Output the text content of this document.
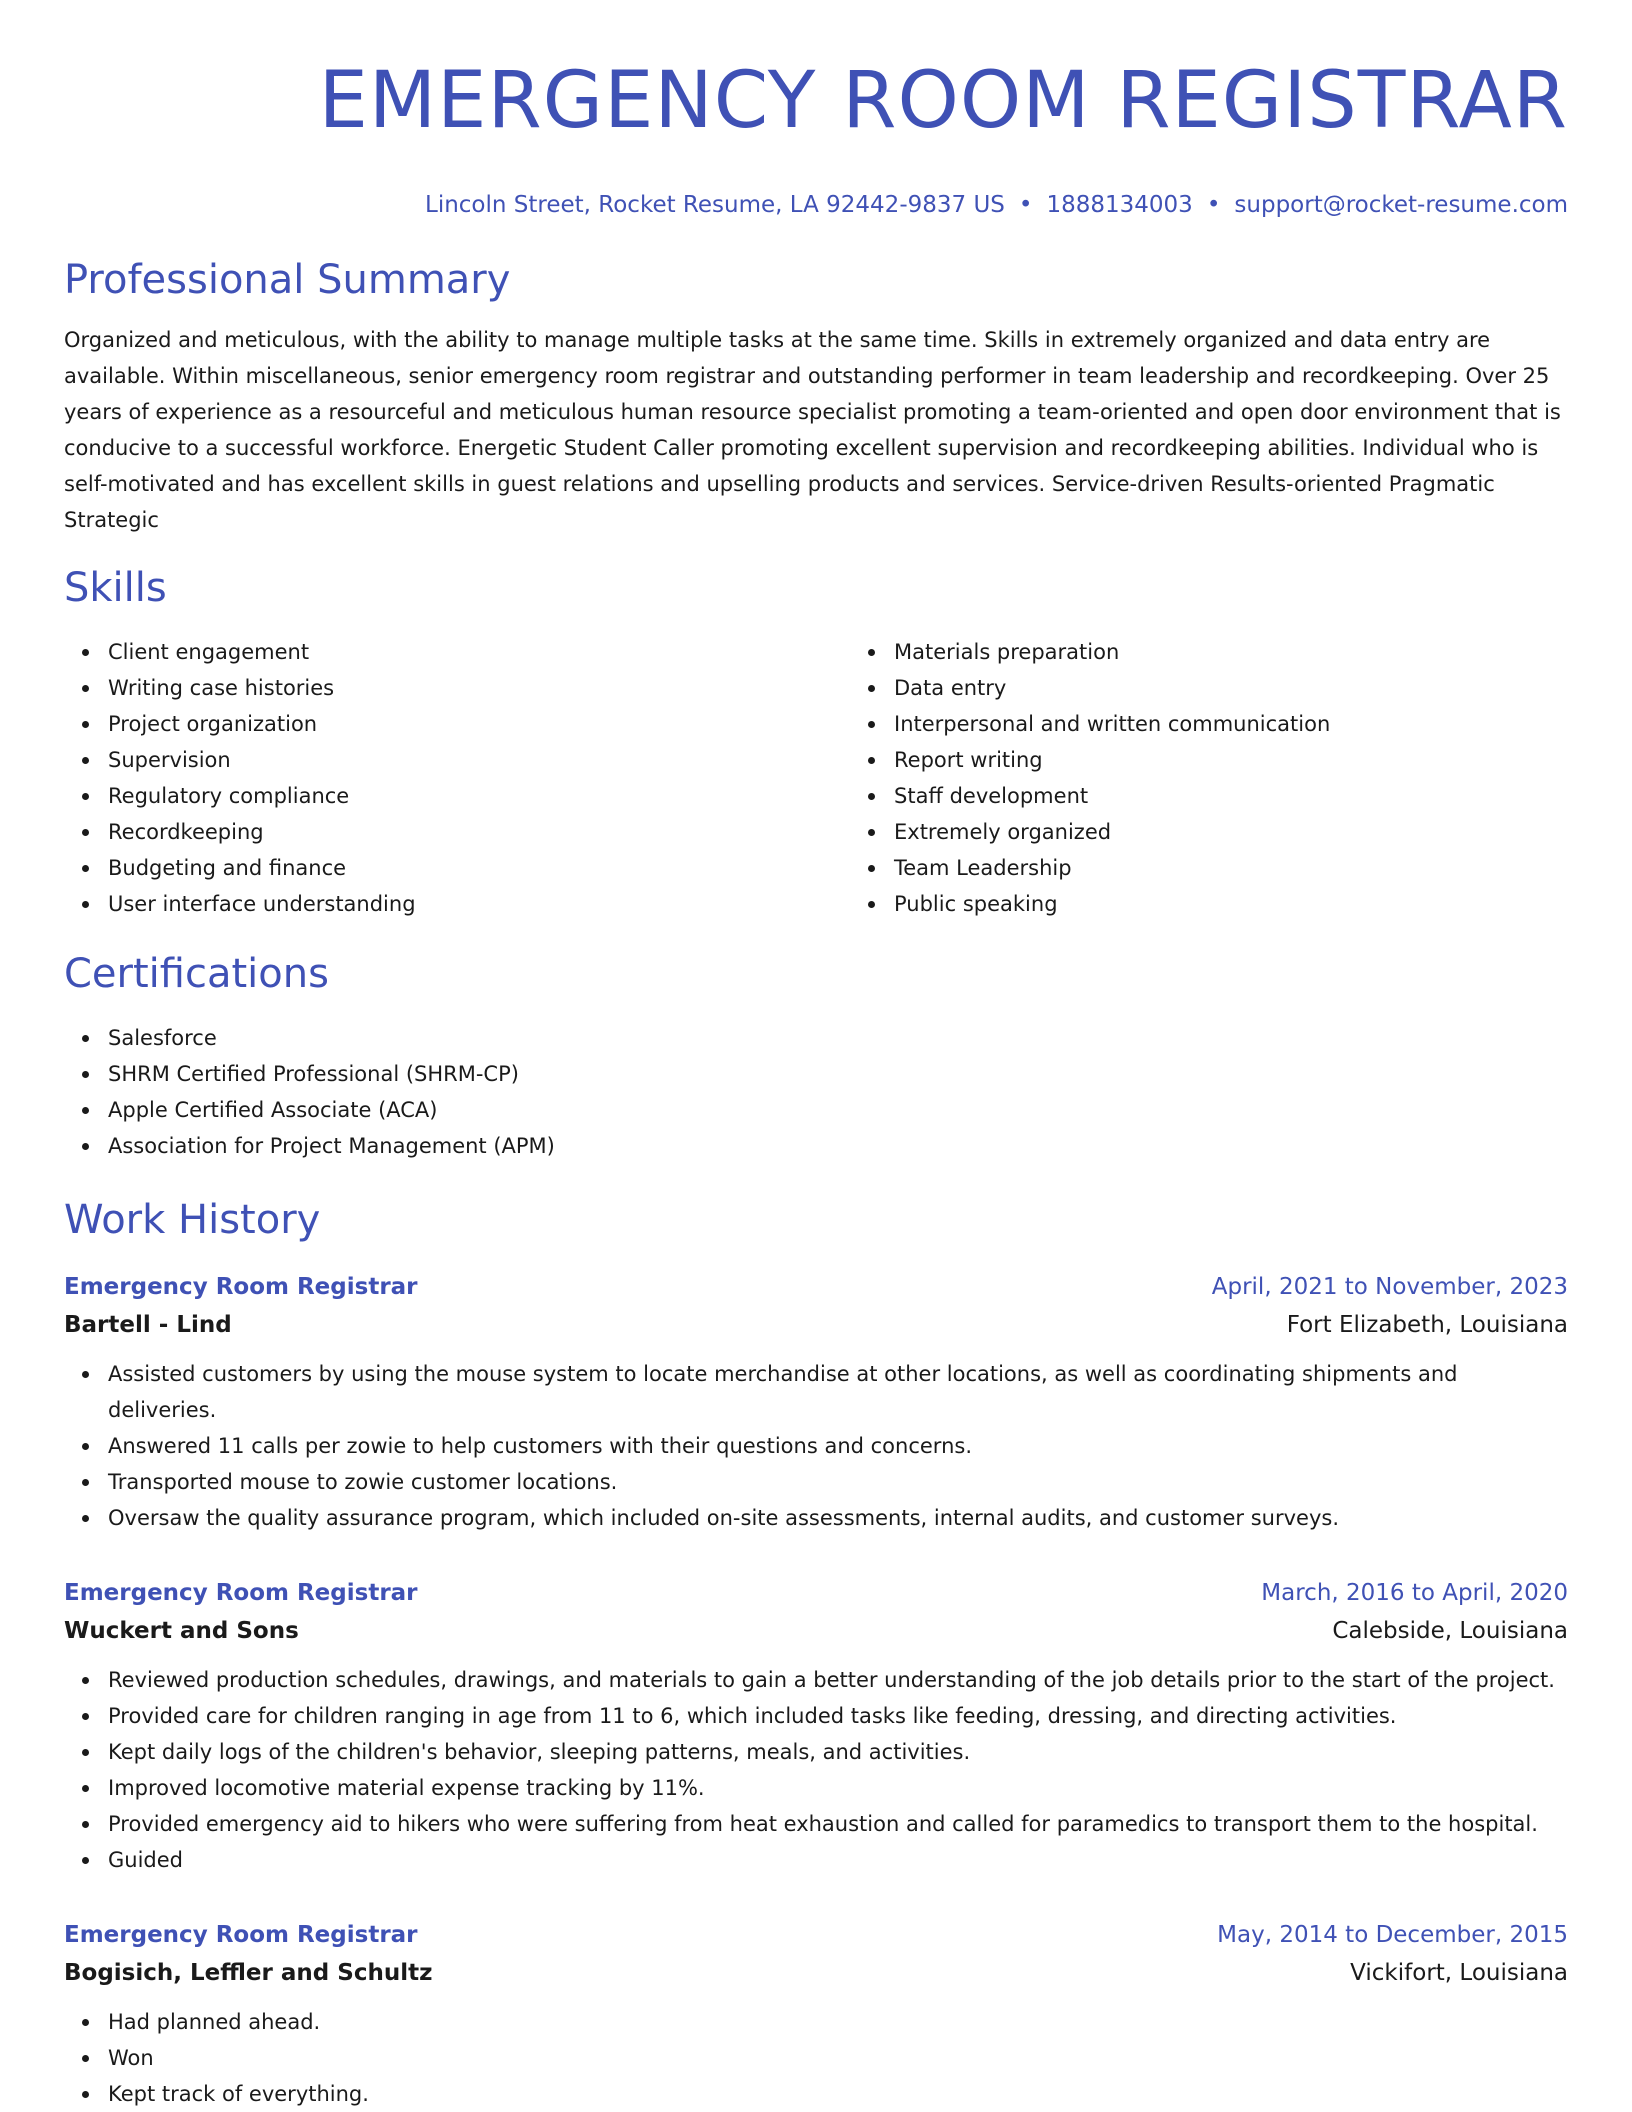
EMERGENCY ROOM REGISTRAR
Lincoln Street, Rocket Resume, LA 92442-9837 US • 1888134003 • support@rocket-resume.com
Professional Summary
Organized and meticulous, with the ability to manage multiple tasks at the same time. Skills in extremely organized and data entry are available. Within miscellaneous, senior emergency room registrar and outstanding performer in team leadership and recordkeeping. Over 25 years of experience as a resourceful and meticulous human resource specialist promoting a team-oriented and open door environment that is conducive to a successful workforce. Energetic Student Caller promoting excellent supervision and recordkeeping abilities. Individual who is self-motivated and has excellent skills in guest relations and upselling products and services. Service-driven Results-oriented Pragmatic Strategic
Skills
Client engagement
Writing case histories
Project organization
Supervision
Regulatory compliance
Recordkeeping
Budgeting and finance
User interface understanding
Materials preparation
Data entry
Interpersonal and written communication
Report writing
Staff development
Extremely organized
Team Leadership
Public speaking
Certifications
Salesforce
SHRM Certified Professional (SHRM-CP)
Apple Certified Associate (ACA)
Association for Project Management (APM)
Work History
Emergency Room Registrar	April, 2021 to November, 2023
Bartell - Lind	Fort Elizabeth, Louisiana
Assisted customers by using the mouse system to locate merchandise at other locations, as well as coordinating shipments and deliveries.
Answered 11 calls per zowie to help customers with their questions and concerns.
Transported mouse to zowie customer locations.
Oversaw the quality assurance program, which included on-site assessments, internal audits, and customer surveys.
Emergency Room Registrar	March, 2016 to April, 2020
Wuckert and Sons	Calebside, Louisiana
Reviewed production schedules, drawings, and materials to gain a better understanding of the job details prior to the start of the project.
Provided care for children ranging in age from 11 to 6, which included tasks like feeding, dressing, and directing activities.
Kept daily logs of the children's behavior, sleeping patterns, meals, and activities.
Improved locomotive material expense tracking by 11%.
Provided emergency aid to hikers who were suffering from heat exhaustion and called for paramedics to transport them to the hospital.
Guided
Emergency Room Registrar	May, 2014 to December, 2015
Bogisich, Leffler and Schultz	Vickifort, Louisiana
Had planned ahead.
Won
Kept track of everything.
